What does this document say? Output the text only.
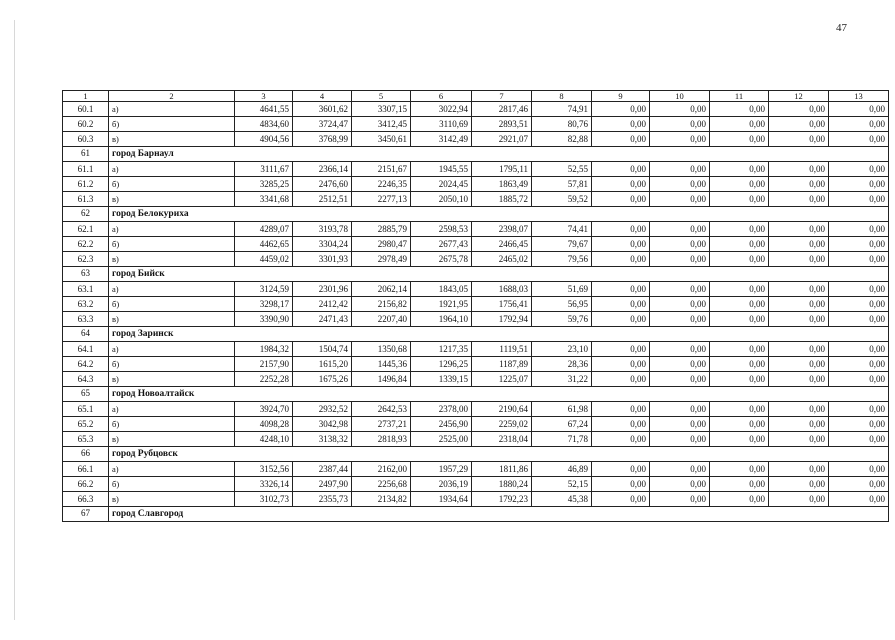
47
1	2	3	4	5	6	7	8	9	10	11	12	13
60.1	а)	4641,55	3601,62	3307,15	3022,94	2817,46	74,91	0,00	0,00	0,00	0,00	0,00
60.2	б)	4834,60	3724,47	3412,45	3110,69	2893,51	80,76	0,00	0,00	0,00	0,00	0,00
60.3	в)	4904,56	3768,99	3450,61	3142,49	2921,07	82,88	0,00	0,00	0,00	0,00	0,00
61	город Барнаул											
61.1	а)	3111,67	2366,14	2151,67	1945,55	1795,11	52,55	0,00	0,00	0,00	0,00	0,00
61.2	б)	3285,25	2476,60	2246,35	2024,45	1863,49	57,81	0,00	0,00	0,00	0,00	0,00
61.3	в)	3341,68	2512,51	2277,13	2050,10	1885,72	59,52	0,00	0,00	0,00	0,00	0,00
62	город Белокуриха											
62.1	а)	4289,07	3193,78	2885,79	2598,53	2398,07	74,41	0,00	0,00	0,00	0,00	0,00
62.2	б)	4462,65	3304,24	2980,47	2677,43	2466,45	79,67	0,00	0,00	0,00	0,00	0,00
62.3	в)	4459,02	3301,93	2978,49	2675,78	2465,02	79,56	0,00	0,00	0,00	0,00	0,00
63	город Бийск											
63.1	а)	3124,59	2301,96	2062,14	1843,05	1688,03	51,69	0,00	0,00	0,00	0,00	0,00
63.2	б)	3298,17	2412,42	2156,82	1921,95	1756,41	56,95	0,00	0,00	0,00	0,00	0,00
63.3	в)	3390,90	2471,43	2207,40	1964,10	1792,94	59,76	0,00	0,00	0,00	0,00	0,00
64	город Заринск											
64.1	а)	1984,32	1504,74	1350,68	1217,35	1119,51	23,10	0,00	0,00	0,00	0,00	0,00
64.2	б)	2157,90	1615,20	1445,36	1296,25	1187,89	28,36	0,00	0,00	0,00	0,00	0,00
64.3	в)	2252,28	1675,26	1496,84	1339,15	1225,07	31,22	0,00	0,00	0,00	0,00	0,00
65	город Новоалтайск											
65.1	а)	3924,70	2932,52	2642,53	2378,00	2190,64	61,98	0,00	0,00	0,00	0,00	0,00
65.2	б)	4098,28	3042,98	2737,21	2456,90	2259,02	67,24	0,00	0,00	0,00	0,00	0,00
65.3	в)	4248,10	3138,32	2818,93	2525,00	2318,04	71,78	0,00	0,00	0,00	0,00	0,00
66	город Рубцовск											
66.1	а)	3152,56	2387,44	2162,00	1957,29	1811,86	46,89	0,00	0,00	0,00	0,00	0,00
66.2	б)	3326,14	2497,90	2256,68	2036,19	1880,24	52,15	0,00	0,00	0,00	0,00	0,00
66.3	в)	3102,73	2355,73	2134,82	1934,64	1792,23	45,38	0,00	0,00	0,00	0,00	0,00
67	город Славгород											
